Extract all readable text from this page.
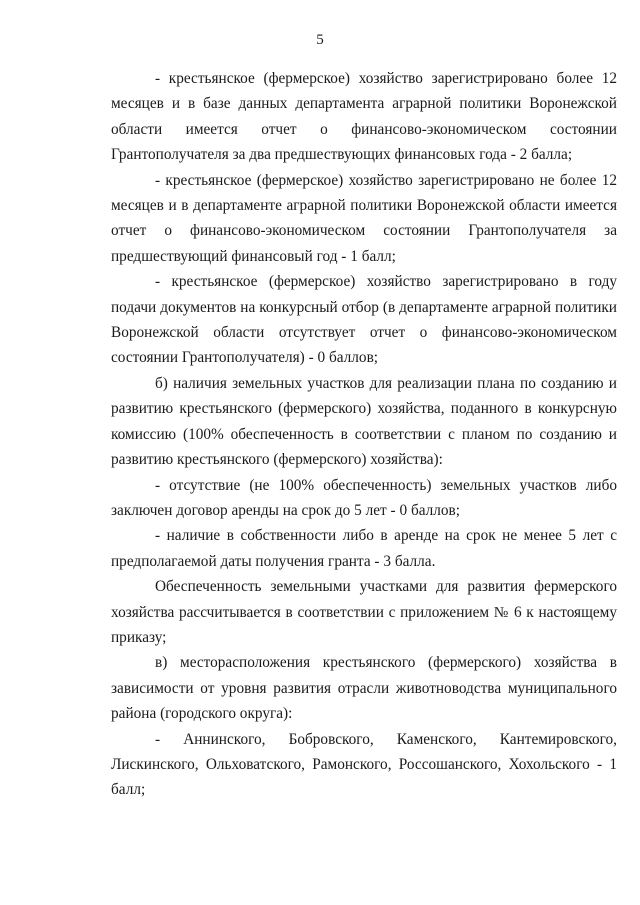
5

- крестьянское (фермерское) хозяйство зарегистрировано более 12 месяцев и в базе данных департамента аграрной политики Воронежской области имеется отчет о финансово-экономическом состоянии Грантополучателя за два предшествующих финансовых года - 2 балла;

- крестьянское (фермерское) хозяйство зарегистрировано не более 12 месяцев и в департаменте аграрной политики Воронежской области имеется отчет о финансово-экономическом состоянии Грантополучателя за предшествующий финансовый год - 1 балл;

- крестьянское (фермерское) хозяйство зарегистрировано в году подачи документов на конкурсный отбор (в департаменте аграрной политики Воронежской области отсутствует отчет о финансово-экономическом состоянии Грантополучателя) - 0 баллов;

б) наличия земельных участков для реализации плана по созданию и развитию крестьянского (фермерского) хозяйства, поданного в конкурсную комиссию (100% обеспеченность в соответствии с планом по созданию и развитию крестьянского (фермерского) хозяйства):

- отсутствие (не 100% обеспеченность) земельных участков либо заключен договор аренды на срок до 5 лет - 0 баллов;

- наличие в собственности либо в аренде на срок не менее 5 лет с предполагаемой даты получения гранта - 3 балла.

Обеспеченность земельными участками для развития фермерского хозяйства рассчитывается в соответствии с приложением № 6 к настоящему приказу;

в) месторасположения крестьянского (фермерского) хозяйства в зависимости от уровня развития отрасли животноводства муниципального района (городского округа):

- Аннинского, Бобровского, Каменского, Кантемировского, Лискинского, Ольховатского, Рамонского, Россошанского, Хохольского - 1 балл;
